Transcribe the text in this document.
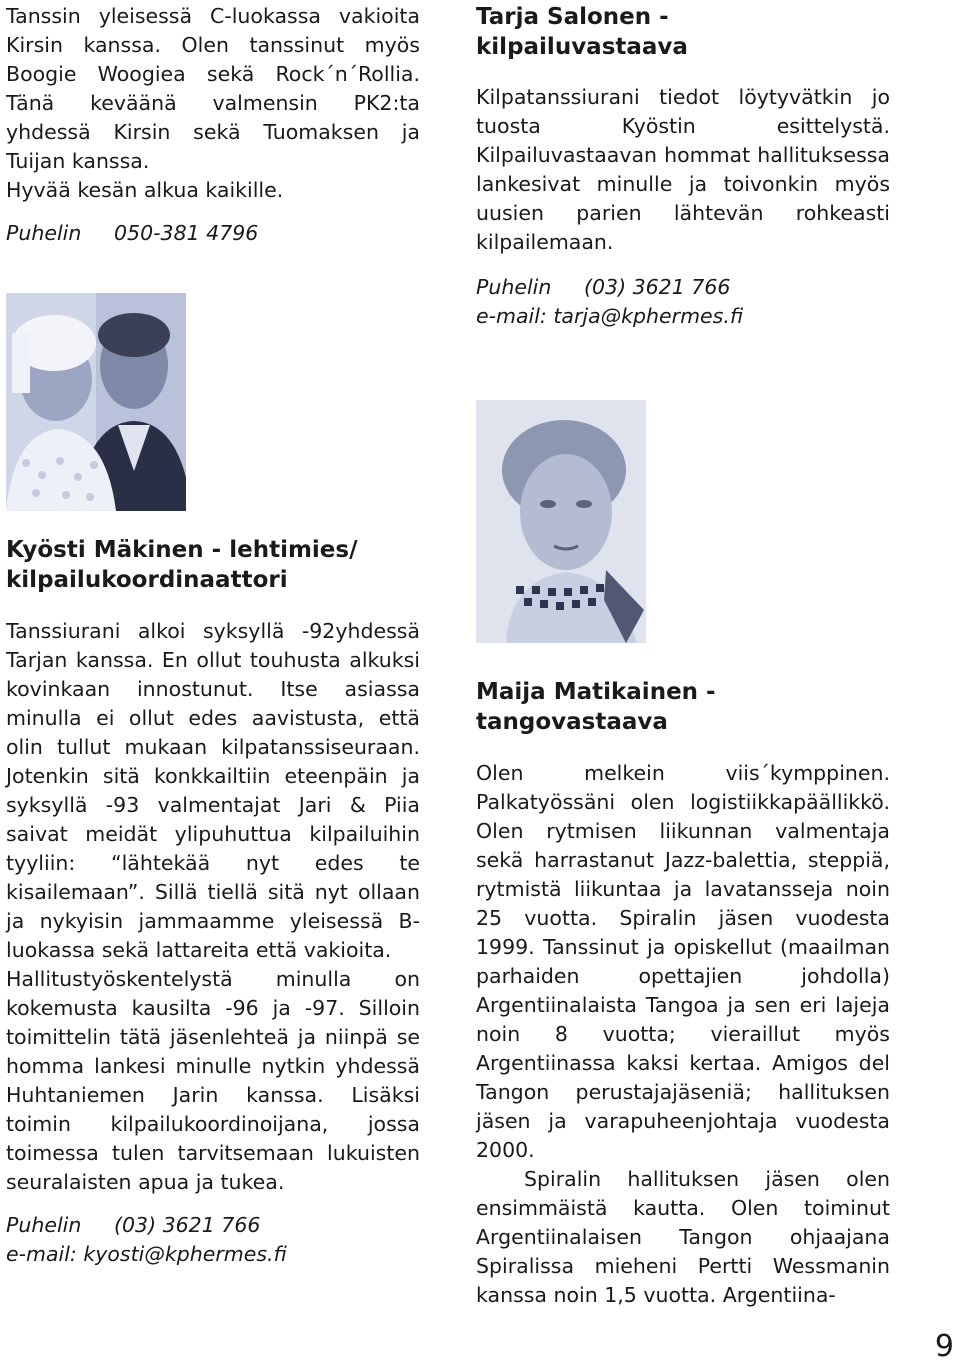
Tanssin yleisessä C-luokassa vakioita Kirsin kanssa. Olen tanssinut myös Boogie Woogiea sekä Rock´n´Rollia. Tänä keväänä valmensin PK2:ta yhdessä Kirsin sekä Tuomaksen ja Tuijan kanssa.
Hyvää kesän alkua kaikille.
Puhelin 050-381 4796
Kyösti Mäkinen - lehtimies/
kilpailukoordinaattori
Tanssiurani alkoi syksyllä -92yhdessä Tarjan kanssa. En ollut touhusta alkuksi kovinkaan innostunut. Itse asiassa minulla ei ollut edes aavistusta, että olin tullut mukaan kilpatanssiseuraan. Jotenkin sitä konkkailtiin eteenpäin ja syksyllä -93 valmentajat Jari & Piia saivat meidät ylipuhuttua kilpailuihin tyyliin: “lähtekää nyt edes te kisailemaan”. Sillä tiellä sitä nyt ollaan ja nykyisin jammaamme yleisessä B-luokassa sekä lattareita että vakioita.
Hallitustyöskentelystä minulla on kokemusta kausilta -96 ja -97. Silloin toimittelin tätä jäsenlehteä ja niinpä se homma lankesi minulle nytkin yhdessä Huhtaniemen Jarin kanssa. Lisäksi toimin kilpailukoordinoijana, jossa toimessa tulen tarvitsemaan lukuisten seuralaisten apua ja tukea.
Puhelin (03) 3621 766
e-mail: kyosti@kphermes.fi
Tarja Salonen -
kilpailuvastaava
Kilpatanssiurani tiedot löytyvätkin jo tuosta Kyöstin esittelystä. Kilpailuvastaavan hommat hallituksessa lankesivat minulle ja toivonkin myös uusien parien lähtevän rohkeasti kilpailemaan.
Puhelin (03) 3621 766
e-mail: tarja@kphermes.fi
Maija Matikainen -
tangovastaava
Olen melkein viis´kymppinen. Palkatyössäni olen logistiikkapäällikkö. Olen rytmisen liikunnan valmentaja sekä harrastanut Jazz-balettia, steppiä, rytmistä liikuntaa ja lavatansseja noin 25 vuotta. Spiralin jäsen vuodesta 1999. Tanssinut ja opiskellut (maailman parhaiden opettajien johdolla) Argentiinalaista Tangoa ja sen eri lajeja noin 8 vuotta; vieraillut myös Argentiinassa kaksi kertaa. Amigos del Tangon perustajajäseniä; hallituksen jäsen ja varapuheenjohtaja vuodesta 2000.
Spiralin hallituksen jäsen olen ensimmäistä kautta. Olen toiminut Argentiinalaisen Tangon ohjaajana Spiralissa mieheni Pertti Wessmanin kanssa noin 1,5 vuotta. Argentiina-
9
